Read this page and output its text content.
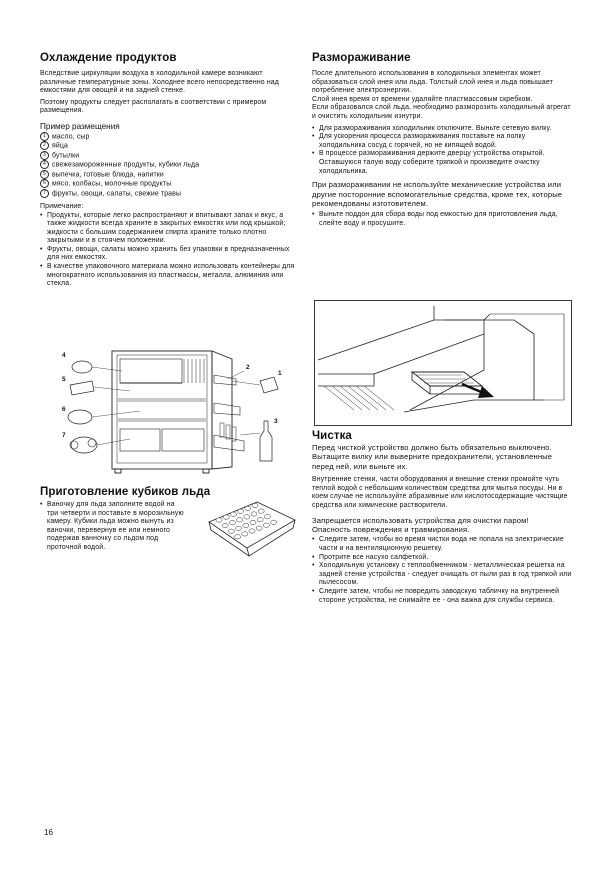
Охлаждение продуктов

Вследствие циркуляции воздуха в холодильной камере возникают различные температурные зоны. Холоднее всего непосредственно над емкостями для овощей и на задней стенке.

Поэтому продукты следует располагать в соответствии с примером размещения.

Пример размещения
1 масло, сыр
2 яйца
3 бутылки
4 свежезамороженные продукты, кубики льда
5 выпечка, готовые блюда, напитки
6 мясо, колбасы, молочные продукты
7 фрукты, овощи, салаты, свежие травы

Примечание:

• Продукты, которые легко распространяют и впитывают запах и вкус, а также жидкости всегда храните в закрытых емкостях или под крышкой; жидкости с большим содержанием спирта храните только плотно закрытыми и в стоячем положении.
• Фрукты, овощи, салаты можно хранить без упаковки в предназначенных для них емкостях.
• В качестве упаковочного материала можно использовать контейнеры для многократного использования из пластмассы, металла, алюминия или стекла.
4
5
6
7
2
1
3
Приготовление кубиков льда
• Ваночку для льда заполните водой на три четверти и поставьте в морозильную камеру. Кубики льда можно вынуть из ваночки, перевернув ее или немного подержав ванночку со льдом под проточной водой.
16
Размораживание

После длительного использования в холодильных элементах может образоваться слой инея или льда. Толстый слой инея и льда повышает потребление электроэнергии.

Слой инея время от времени удаляйте пластмассовым скребком.

Если образовался слой льда, необходимо разморозить холодильный агрегат и очистить холодильник изнутри.

• Для размораживания холодильник отключите. Выньте сетевую вилку.
• Для ускорения процесса размораживания поставьте на полку холодильника сосуд с горячей, но не кипящей водой.
• В процессе размораживания держите дверцу устройства открытой. Оставшуюся талую воду соберите тряпкой и произведите очистку холодильника.

При размораживании не используйте механические устройства или другие посторонние вспомогательные средства, кроме тех, которые рекомендованы изготовителем.

• Выньте поддон для сбора воды под емкостью для приготовления льда, слейте воду и просушите.
Чистка

Перед чисткой устройство должно быть обязательно выключено. Вытащите вилку или выверните предохранители, установленные перед ней, или выньте их.

Внутренние стенки, части оборудования и внешние стенки промойте чуть теплой водой с небольшим количеством средства для мытья посуды. Ни в коем случае не используйте абразивные или кислотосодержащие чистящие средства или химические растворители.

Запрещается использовать устройства для очистки паром!

Опасность повреждения и травмирования.

• Следите затем, чтобы во время чистки вода не попала на электрические части и на вентиляционную решетку.
• Протрите все насухо салфеткой.
• Холодильную установку с теплообменником - металлическая решетка на задней стенке устройства - следует очищать от пыли раз в год тряпкой или пылесосом.
• Следите затем, чтобы не повредить заводскую табличку на внутренней стороне устройства, не снимайте ее - она важна для службы сервиса.
